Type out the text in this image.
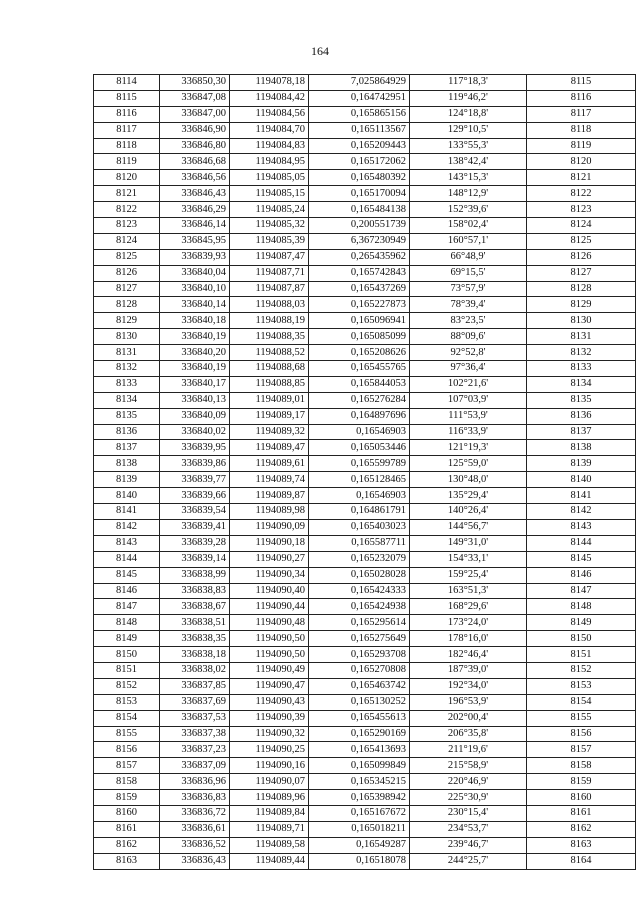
164
8114	336850,30	1194078,18	7,025864929	117°18,3'	8115
8115	336847,08	1194084,42	0,164742951	119°46,2'	8116
8116	336847,00	1194084,56	0,165865156	124°18,8'	8117
8117	336846,90	1194084,70	0,165113567	129°10,5'	8118
8118	336846,80	1194084,83	0,165209443	133°55,3'	8119
8119	336846,68	1194084,95	0,165172062	138°42,4'	8120
8120	336846,56	1194085,05	0,165480392	143°15,3'	8121
8121	336846,43	1194085,15	0,165170094	148°12,9'	8122
8122	336846,29	1194085,24	0,165484138	152°39,6'	8123
8123	336846,14	1194085,32	0,200551739	158°02,4'	8124
8124	336845,95	1194085,39	6,367230949	160°57,1'	8125
8125	336839,93	1194087,47	0,265435962	66°48,9'	8126
8126	336840,04	1194087,71	0,165742843	69°15,5'	8127
8127	336840,10	1194087,87	0,165437269	73°57,9'	8128
8128	336840,14	1194088,03	0,165227873	78°39,4'	8129
8129	336840,18	1194088,19	0,165096941	83°23,5'	8130
8130	336840,19	1194088,35	0,165085099	88°09,6'	8131
8131	336840,20	1194088,52	0,165208626	92°52,8'	8132
8132	336840,19	1194088,68	0,165455765	97°36,4'	8133
8133	336840,17	1194088,85	0,165844053	102°21,6'	8134
8134	336840,13	1194089,01	0,165276284	107°03,9'	8135
8135	336840,09	1194089,17	0,164897696	111°53,9'	8136
8136	336840,02	1194089,32	0,16546903	116°33,9'	8137
8137	336839,95	1194089,47	0,165053446	121°19,3'	8138
8138	336839,86	1194089,61	0,165599789	125°59,0'	8139
8139	336839,77	1194089,74	0,165128465	130°48,0'	8140
8140	336839,66	1194089,87	0,16546903	135°29,4'	8141
8141	336839,54	1194089,98	0,164861791	140°26,4'	8142
8142	336839,41	1194090,09	0,165403023	144°56,7'	8143
8143	336839,28	1194090,18	0,165587711	149°31,0'	8144
8144	336839,14	1194090,27	0,165232079	154°33,1'	8145
8145	336838,99	1194090,34	0,165028028	159°25,4'	8146
8146	336838,83	1194090,40	0,165424333	163°51,3'	8147
8147	336838,67	1194090,44	0,165424938	168°29,6'	8148
8148	336838,51	1194090,48	0,165295614	173°24,0'	8149
8149	336838,35	1194090,50	0,165275649	178°16,0'	8150
8150	336838,18	1194090,50	0,165293708	182°46,4'	8151
8151	336838,02	1194090,49	0,165270808	187°39,0'	8152
8152	336837,85	1194090,47	0,165463742	192°34,0'	8153
8153	336837,69	1194090,43	0,165130252	196°53,9'	8154
8154	336837,53	1194090,39	0,165455613	202°00,4'	8155
8155	336837,38	1194090,32	0,165290169	206°35,8'	8156
8156	336837,23	1194090,25	0,165413693	211°19,6'	8157
8157	336837,09	1194090,16	0,165099849	215°58,9'	8158
8158	336836,96	1194090,07	0,165345215	220°46,9'	8159
8159	336836,83	1194089,96	0,165398942	225°30,9'	8160
8160	336836,72	1194089,84	0,165167672	230°15,4'	8161
8161	336836,61	1194089,71	0,165018211	234°53,7'	8162
8162	336836,52	1194089,58	0,16549287	239°46,7'	8163
8163	336836,43	1194089,44	0,16518078	244°25,7'	8164
